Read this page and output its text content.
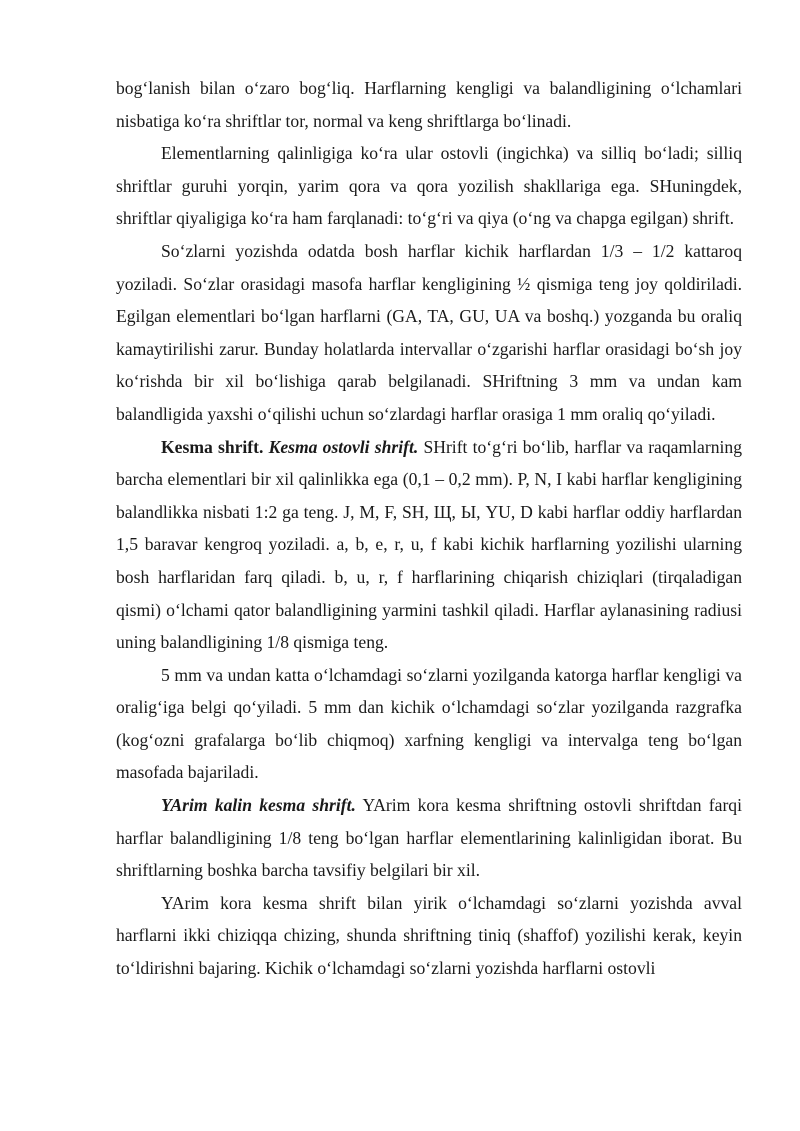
bog‘lanish bilan o‘zaro bog‘liq. Harflarning kengligi va balandligining o‘lchamlari nisbatiga ko‘ra shriftlar tor, normal va keng shriftlarga bo‘linadi.

Elementlarning qalinligiga ko‘ra ular ostovli (ingichka) va silliq bo‘ladi; silliq shriftlar guruhi yorqin, yarim qora va qora yozilish shakllariga ega. SHuningdek, shriftlar qiyaligiga ko‘ra ham farqlanadi: to‘g‘ri va qiya (o‘ng va chapga egilgan) shrift.

So‘zlarni yozishda odatda bosh harflar kichik harflardan 1/3 – 1/2 kattaroq yoziladi. So‘zlar orasidagi masofa harflar kengligining ½ qismiga teng joy qoldiriladi. Egilgan elementlari bo‘lgan harflarni (GA, TA, GU, UA va boshq.) yozganda bu oraliq kamaytirilishi zarur. Bunday holatlarda intervallar o‘zgarishi harflar orasidagi bo‘sh joy ko‘rishda bir xil bo‘lishiga qarab belgilanadi. SHriftning 3 mm va undan kam balandligida yaxshi o‘qilishi uchun so‘zlardagi harflar orasiga 1 mm oraliq qo‘yiladi.

Kesma shrift. Kesma ostovli shrift. SHrift to‘g‘ri bo‘lib, harflar va raqamlarning barcha elementlari bir xil qalinlikka ega (0,1 – 0,2 mm). P, N, I kabi harflar kengligining balandlikka nisbati 1:2 ga teng. J, M, F, SH, Щ, Ы, YU, D kabi harflar oddiy harflardan 1,5 baravar kengroq yoziladi. a, b, e, r, u, f kabi kichik harflarning yozilishi ularning bosh harflaridan farq qiladi. b, u, r, f harflarining chiqarish chiziqlari (tirqaladigan qismi) o‘lchami qator balandligining yarmini tashkil qiladi. Harflar aylanasining radiusi uning balandligining 1/8 qismiga teng.

5 mm va undan katta o‘lchamdagi so‘zlarni yozilganda katorga harflar kengligi va oralig‘iga belgi qo‘yiladi. 5 mm dan kichik o‘lchamdagi so‘zlar yozilganda razgrafka (kog‘ozni grafalarga bo‘lib chiqmoq) xarfning kengligi va intervalga teng bo‘lgan masofada bajariladi.

YArim kalin kesma shrift. YArim kora kesma shriftning ostovli shriftdan farqi harflar balandligining 1/8 teng bo‘lgan harflar elementlarining kalinligidan iborat. Bu shriftlarning boshka barcha tavsifiy belgilari bir xil.

YArim kora kesma shrift bilan yirik o‘lchamdagi so‘zlarni yozishda avval harflarni ikki chiziqqa chizing, shunda shriftning tiniq (shaffof) yozilishi kerak, keyin to‘ldirishni bajaring. Kichik o‘lchamdagi so‘zlarni yozishda harflarni ostovli
